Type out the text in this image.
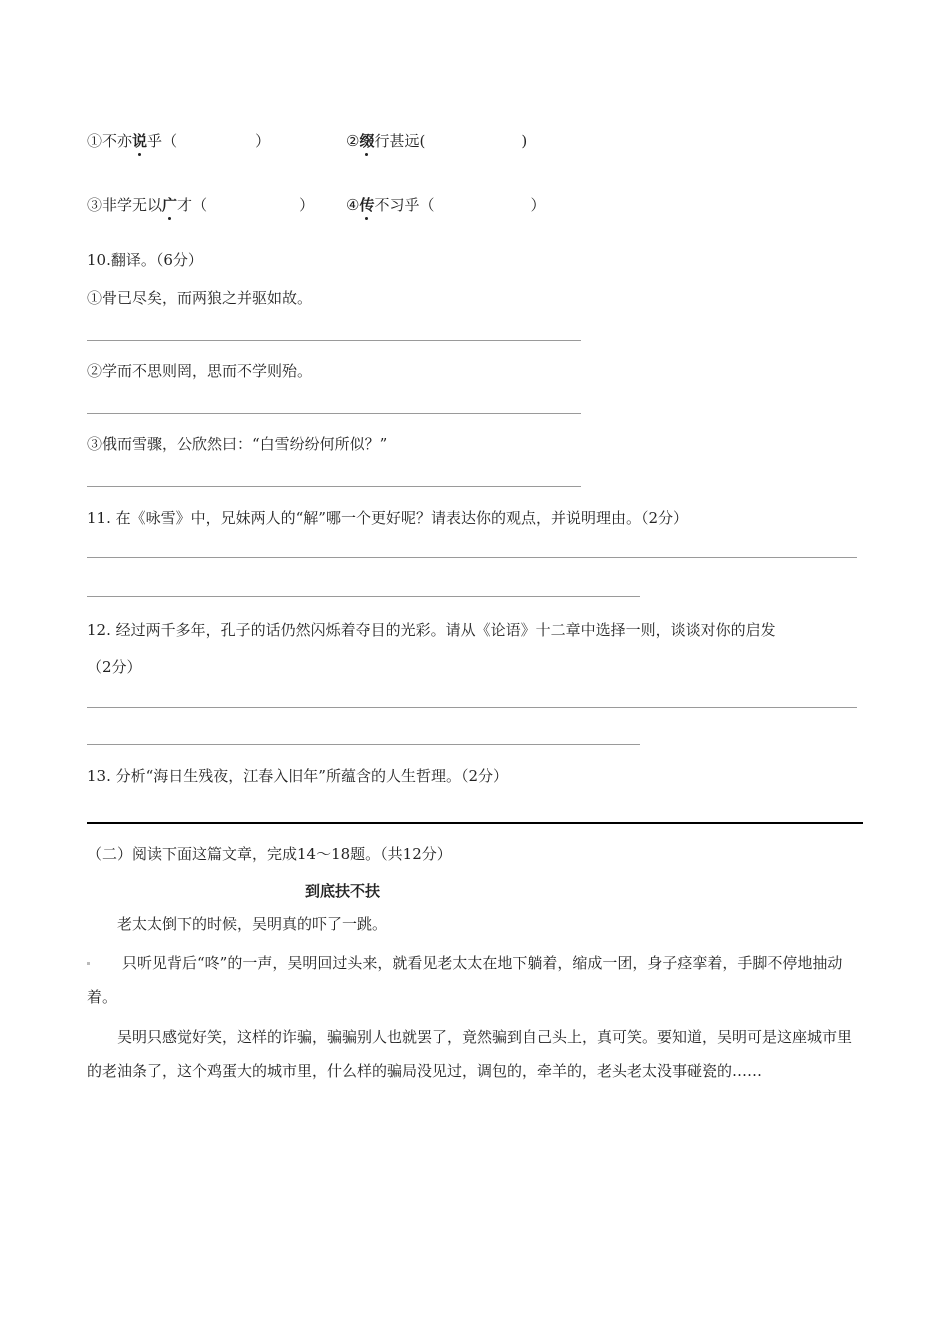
①不亦说乎（	）	②缀行甚远(	)
③非学无以广才（	） ④传不习乎（	）
10.翻译。（6分）
①骨已尽矣，而两狼之并驱如故。
②学而不思则罔，思而不学则殆。
③俄而雪骤，公欣然曰：“白雪纷纷何所似？”
11. 在《咏雪》中，兄妹两人的“解”哪一个更好呢？请表达你的观点，并说明理由。（2分）
12. 经过两千多年，孔子的话仍然闪烁着夺目的光彩。请从《论语》十二章中选择一则，谈谈对你的启发
（2分）
13. 分析“海日生残夜，江春入旧年”所蕴含的人生哲理。（2分）
（二）阅读下面这篇文章，完成14～18题。（共12分）
到底扶不扶
老太太倒下的时候，吴明真的吓了一跳。
只听见背后“咚”的一声，吴明回过头来，就看见老太太在地下躺着，缩成一团，身子痉挛着，手脚不停地抽动着。
吴明只感觉好笑，这样的诈骗，骗骗别人也就罢了，竟然骗到自己头上，真可笑。要知道，吴明可是这座城市里的老油条了，这个鸡蛋大的城市里，什么样的骗局没见过，调包的，牵羊的，老头老太没事碰瓷的……
